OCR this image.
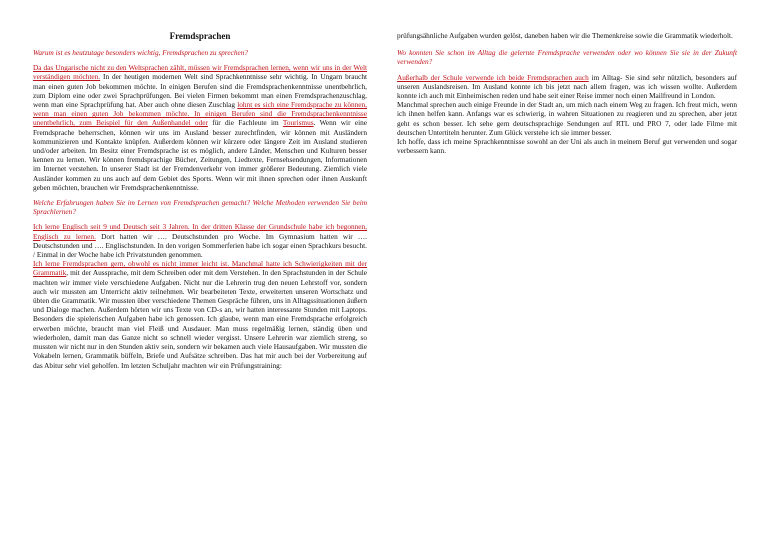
Fremdsprachen

Warum ist es heutzutage besonders wichtig, Fremdsprachen zu sprechen?

Da das Ungarische nicht zu den Weltsprachen zählt, müssen wir Fremdsprachen lernen, wenn wir uns in der Welt verständigen möchten. In der heutigen modernen Welt sind Sprachkenntnisse sehr wichtig. In Ungarn braucht man einen guten Job bekommen möchte. In einigen Berufen sind die Fremdsprachenkenntnisse unentbehrlich, zum Diplom eine oder zwei Sprachprüfungen. Bei vielen Firmen bekommt man einen Fremdsprachenzuschlag, wenn man eine Sprachprüfung hat. Aber auch ohne diesen Zuschlag lohnt es sich eine Fremdsprache zu können, wenn man einen guten Job bekommen möchte. In einigen Berufen sind die Fremdsprachenkenntnisse unentbehrlich, zum Beispiel für den Außenhandel oder für die Fachleute im Tourismus. Wenn wir eine Fremdsprache beherrschen, können wir uns im Ausland besser zurechtfinden, wir können mit Ausländern kommunizieren und Kontakte knüpfen. Außerdem können wir kürzere oder längere Zeit im Ausland studieren und/oder arbeiten. Im Besitz einer Fremdsprache ist es möglich, andere Länder, Menschen und Kulturen besser kennen zu lernen. Wir können fremdsprachige Bücher, Zeitungen, Liedtexte, Fernsehsendungen, Informationen im Internet verstehen. In unserer Stadt ist der Fremdenverkehr von immer größerer Bedeutung. Ziemlich viele Ausländer kommen zu uns auch auf dem Gebiet des Sports. Wenn wir mit ihnen sprechen oder ihnen Auskunft geben möchten, brauchen wir Fremdsprachenkenntnisse.

Welche Erfahrungen haben Sie im Lernen von Fremdsprachen gemacht? Welche Methoden verwenden Sie beim Sprachlernen?

Ich lerne Englisch seit 9 und Deutsch seit 3 Jahren. In der dritten Klasse der Grundschule habe ich begonnen, Englisch zu lernen. Dort hatten wir …. Deutschstunden pro Woche. Im Gymnasium hatten wir …. Deutschstunden und …. Englischstunden. In den vorigen Sommerferien habe ich sogar einen Sprachkurs besucht. / Einmal in der Woche habe ich Privatstunden genommen.
Ich lerne Fremdsprachen gern, obwohl es nicht immer leicht ist. Manchmal hatte ich Schwierigkeiten mit der Grammatik, mit der Aussprache, mit dem Schreiben oder mit dem Verstehen. In den Sprachstunden in der Schule machten wir immer viele verschiedene Aufgaben. Nicht nur die Lehrerin trug den neuen Lehrstoff vor, sondern auch wir mussten am Unterricht aktiv teilnehmen. Wir bearbeiteten Texte, erweiterten unseren Wortschatz und übten die Grammatik. Wir mussten über verschiedene Themen Gespräche führen, uns in Alltagssituationen äußern und Dialoge machen. Außerdem hörten wir uns Texte von CD-s an, wir hatten interessante Stunden mit Laptops. Besonders die spielerischen Aufgaben habe ich genossen. Ich glaube, wenn man eine Fremdsprache erfolgreich erwerben möchte, braucht man viel Fleiß und Ausdauer. Man muss regelmäßig lernen, ständig üben und wiederholen, damit man das Ganze nicht so schnell wieder vergisst. Unsere Lehrerin war ziemlich streng, so mussten wir nicht nur in den Stunden aktiv sein, sondern wir bekamen auch viele Hausaufgaben. Wir mussten die Vokabeln lernen, Grammatik büffeln, Briefe und Aufsätze schreiben. Das hat mir auch bei der Vorbereitung auf das Abitur sehr viel geholfen. Im letzten Schuljahr machten wir ein Prüfungstraining:

prüfungsähnliche Aufgaben wurden gelöst, daneben haben wir die Themenkreise sowie die Grammatik wiederholt.

Wo konnten Sie schon im Alltag die gelernte Fremdsprache verwenden oder wo können Sie sie in der Zukunft verwenden?

Außerhalb der Schule verwende ich beide Fremdsprachen auch im Alltag- Sie sind sehr nützlich, besonders auf unseren Auslandsreisen. Im Ausland konnte ich bis jetzt nach allem fragen, was ich wissen wollte. Außerdem konnte ich auch mit Einheimischen reden und habe seit einer Reise immer noch einen Mailfreund in London.
Manchmal sprechen auch einige Freunde in der Stadt an, um mich nach einem Weg zu fragen. Ich freut mich, wenn ich ihnen helfen kann. Anfangs war es schwierig, in wahren Situationen zu reagieren und zu sprechen, aber jetzt geht es schon besser. Ich sehe gern deutschsprachige Sendungen auf RTL und PRO 7, oder lade Filme mit deutschen Untertiteln herunter. Zum Glück verstehe ich sie immer besser.
Ich hoffe, dass ich meine Sprachkenntnisse sowohl an der Uni als auch in meinem Beruf gut verwenden und sogar verbessern kann.
